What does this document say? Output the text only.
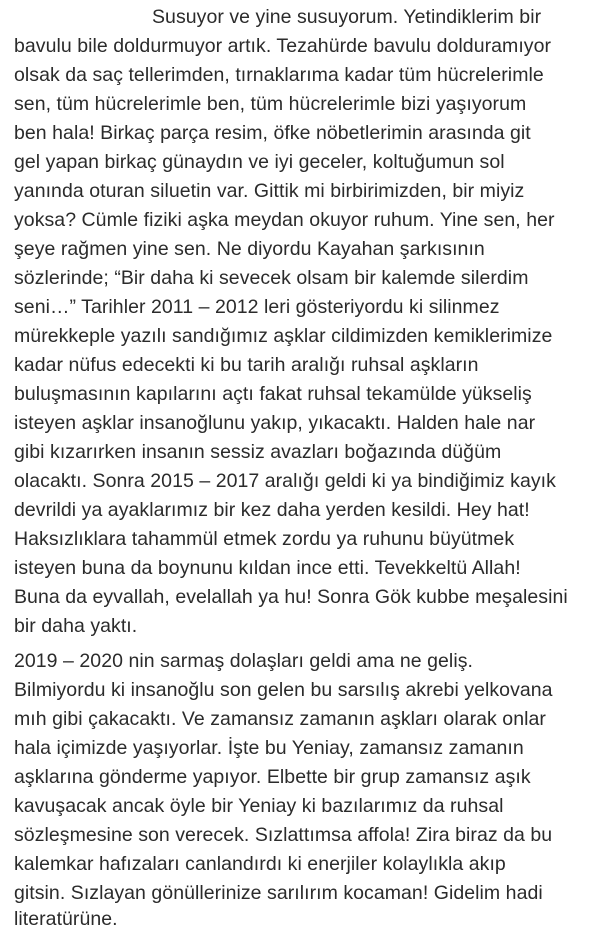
Susuyor ve yine susuyorum. Yetindiklerim bir
bavulu bile doldurmuyor artık. Tezahürde bavulu dolduramıyor
olsak da saç tellerimden, tırnaklarıma kadar tüm hücrelerimle
sen, tüm hücrelerimle ben, tüm hücrelerimle bizi yaşıyorum
ben hala! Birkaç parça resim, öfke nöbetlerimin arasında git
gel yapan birkaç günaydın ve iyi geceler, koltuğumun sol
yanında oturan siluetin var. Gittik mi birbirimizden, bir miyiz
yoksa? Cümle fiziki aşka meydan okuyor ruhum. Yine sen, her
şeye rağmen yine sen. Ne diyordu Kayahan şarkısının
sözlerinde; “Bir daha ki sevecek olsam bir kalemde silerdim
seni…” Tarihler 2011 – 2012 leri gösteriyordu ki silinmez
mürekkeple yazılı sandığımız aşklar cildimizden kemiklerimize
kadar nüfus edecekti ki bu tarih aralığı ruhsal aşkların
buluşmasının kapılarını açtı fakat ruhsal tekamülde yükseliş
isteyen aşklar insanoğlunu yakıp, yıkacaktı. Halden hale nar
gibi kızarırken insanın sessiz avazları boğazında düğüm
olacaktı. Sonra 2015 – 2017 aralığı geldi ki ya bindiğimiz kayık
devrildi ya ayaklarımız bir kez daha yerden kesildi. Hey hat!
Haksızlıklara tahammül etmek zordu ya ruhunu büyütmek
isteyen buna da boynunu kıldan ince etti. Tevekkeltü Allah!
Buna da eyvallah, evelallah ya hu! Sonra Gök kubbe meşalesini
bir daha yaktı.
2019 – 2020 nin sarmaş dolaşları geldi ama ne geliş.
Bilmiyordu ki insanoğlu son gelen bu sarsılış akrebi yelkovana
mıh gibi çakacaktı. Ve zamansız zamanın aşkları olarak onlar
hala içimizde yaşıyorlar. İşte bu Yeniay, zamansız zamanın
aşklarına gönderme yapıyor. Elbette bir grup zamansız aşık
kavuşacak ancak öyle bir Yeniay ki bazılarımız da ruhsal
sözleşmesine son verecek. Sızlattımsa affola! Zira biraz da bu
kalemkar hafızaları canlandırdı ki enerjiler kolaylıkla akıp
gitsin. Sızlayan gönüllerinize sarılırım kocaman! Gidelim hadi
literatürüne.
